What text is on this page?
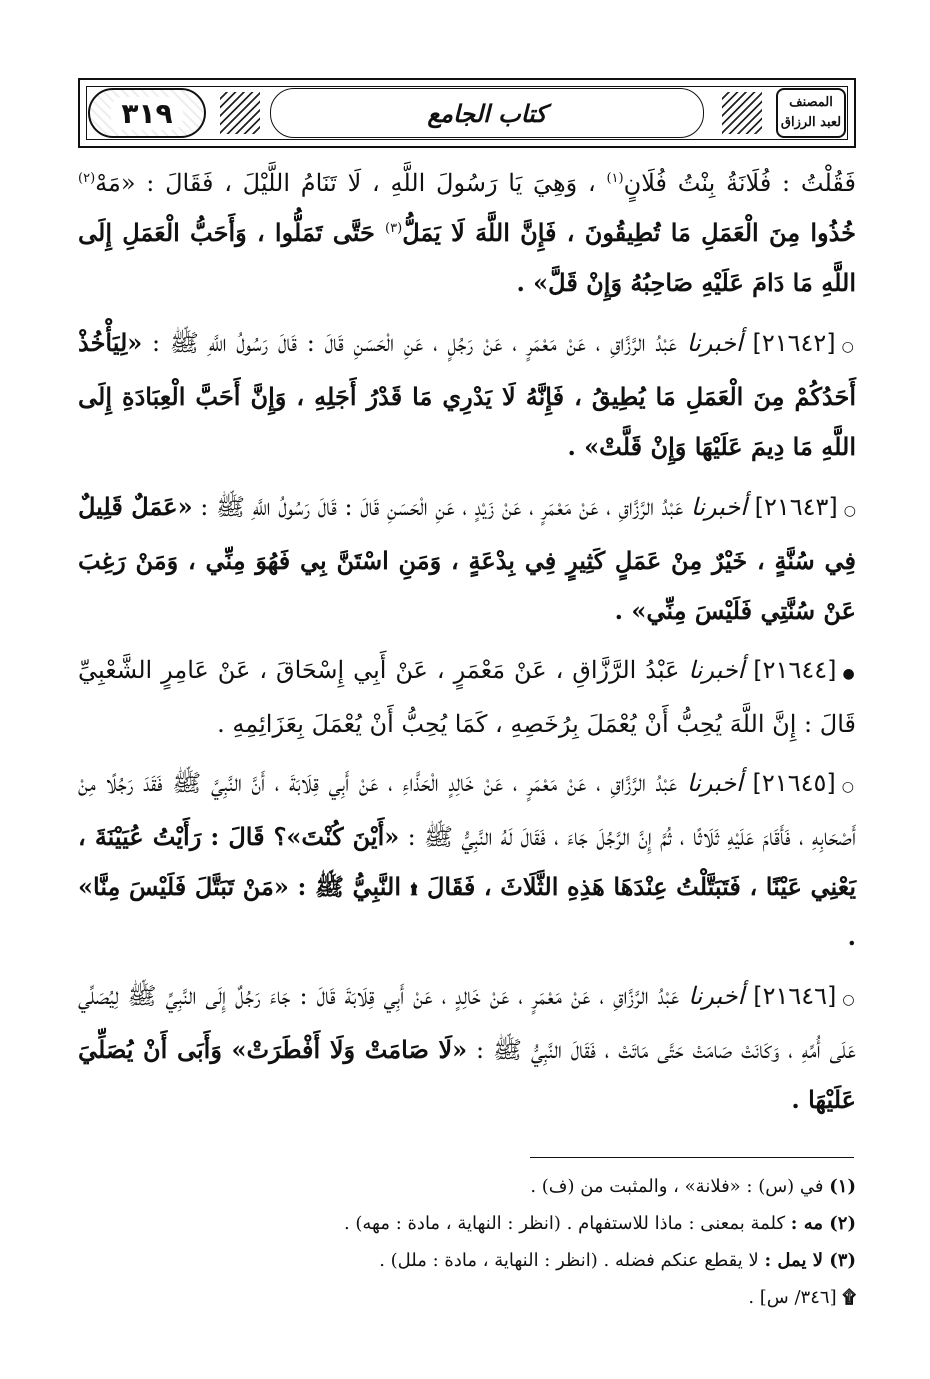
٣١٩	كتاب الجامع	المصنف
لعبد الرزاق

فَقُلْتُ : فُلَانَةُ بِنْتُ فُلَانٍ$^{(١)}$ ، وَهِيَ يَا رَسُولَ اللَّهِ ، لَا تَنَامُ اللَّيْلَ ، فَقَالَ : «مَهْ$^{(٢)}$ خُذُوا مِنَ الْعَمَلِ مَا تُطِيقُونَ ، فَإِنَّ اللَّهَ لَا يَمَلُّ$^{(٣)}$ حَتَّى تَمَلُّوا ، وَأَحَبُّ الْعَمَلِ إِلَى اللَّهِ مَا دَامَ عَلَيْهِ صَاحِبُهُ وَإِنْ قَلَّ» .

○[٢١٦٤٢] أخبرنا عَبْدُ الرَّزَّاقِ ، عَنْ مَعْمَرٍ ، عَنْ رَجُلٍ ، عَنِ الْحَسَنِ قَالَ : قَالَ رَسُولُ اللَّهِ ﷺ : «لِيَأْخُذْ أَحَدُكُمْ مِنَ الْعَمَلِ مَا يُطِيقُ ، فَإِنَّهُ لَا يَدْرِي مَا قَدْرُ أَجَلِهِ ، وَإِنَّ أَحَبَّ الْعِبَادَةِ إِلَى اللَّهِ مَا دِيمَ عَلَيْهَا وَإِنْ قَلَّتْ» .

○[٢١٦٤٣] أخبرنا عَبْدُ الرَّزَّاقِ ، عَنْ مَعْمَرٍ ، عَنْ زَيْدٍ ، عَنِ الْحَسَنِ قَالَ : قَالَ رَسُولُ اللَّهِ ﷺ : «عَمَلٌ قَلِيلٌ فِي سُنَّةٍ ، خَيْرٌ مِنْ عَمَلٍ كَثِيرٍ فِي بِدْعَةٍ ، وَمَنِ اسْتَنَّ بِي فَهُوَ مِنِّي ، وَمَنْ رَغِبَ عَنْ سُنَّتِي فَلَيْسَ مِنِّي» .

●[٢١٦٤٤] أخبرنا عَبْدُ الرَّزَّاقِ ، عَنْ مَعْمَرٍ ، عَنْ أَبِي إِسْحَاقَ ، عَنْ عَامِرٍ الشَّعْبِيِّ قَالَ : إِنَّ اللَّهَ يُحِبُّ أَنْ يُعْمَلَ بِرُخَصِهِ ، كَمَا يُحِبُّ أَنْ يُعْمَلَ بِعَزَائِمِهِ .

○[٢١٦٤٥] أخبرنا عَبْدُ الرَّزَّاقِ ، عَنْ مَعْمَرٍ ، عَنْ خَالِدٍ الْحَذَّاءِ ، عَنْ أَبِي قِلَابَةَ ، أَنَّ النَّبِيَّ ﷺ فَقَدَ رَجُلًا مِنْ أَصْحَابِهِ ، فَأَقَامَ عَلَيْهِ ثَلَاثًا ، ثُمَّ إِنَّ الرَّجُلَ جَاءَ ، فَقَالَ لَهُ النَّبِيُّ ﷺ : «أَيْنَ كُنْتَ»؟ قَالَ : رَأَيْتُ عُيَيْنَةَ ، يَعْنِي عَيْنًا ، فَتَبَتَّلْتُ عِنْدَهَا هَذِهِ الثَّلَاثَ ، فَقَالَ ۩ النَّبِيُّ ﷺ : «مَنْ تَبَتَّلَ فَلَيْسَ مِنَّا» .

○[٢١٦٤٦] أخبرنا عَبْدُ الرَّزَّاقِ ، عَنْ مَعْمَرٍ ، عَنْ خَالِدٍ ، عَنْ أَبِي قِلَابَةَ قَالَ : جَاءَ رَجُلٌ إِلَى النَّبِيِّ ﷺ لِيُصَلِّي عَلَى أُمِّهِ ، وَكَانَتْ صَامَتْ حَتَّى مَاتَتْ ، فَقَالَ النَّبِيُّ ﷺ : «لَا صَامَتْ وَلَا أَفْطَرَتْ» وَأَبَى أَنْ يُصَلِّيَ عَلَيْهَا .

(١) في (س) : «فلانة» ، والمثبت من (ف) .

(٢) مه : كلمة بمعنى : ماذا للاستفهام . (انظر : النهاية ، مادة : مهه) .

(٣) لا يمل : لا يقطع عنكم فضله . (انظر : النهاية ، مادة : ملل) .

۩ [٣٤٦/ س] .
